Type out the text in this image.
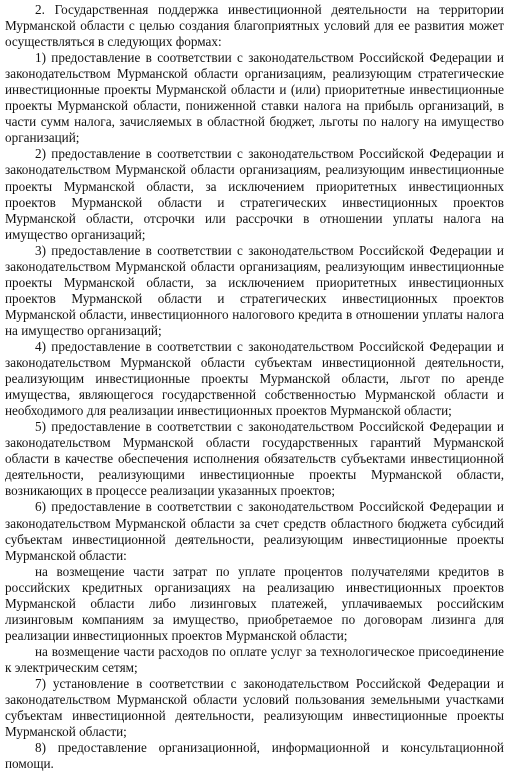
2. Государственная поддержка инвестиционной деятельности на территории Мурманской области с целью создания благоприятных условий для ее развития может осуществляться в следующих формах:

1) предоставление в соответствии с законодательством Российской Федерации и законодательством Мурманской области организациям, реализующим стратегические инвестиционные проекты Мурманской области и (или) приоритетные инвестиционные проекты Мурманской области, пониженной ставки налога на прибыль организаций, в части сумм налога, зачисляемых в областной бюджет, льготы по налогу на имущество организаций;

2) предоставление в соответствии с законодательством Российской Федерации и законодательством Мурманской области организациям, реализующим инвестиционные проекты Мурманской области, за исключением приоритетных инвестиционных проектов Мурманской области и стратегических инвестиционных проектов Мурманской области, отсрочки или рассрочки в отношении уплаты налога на имущество организаций;

3) предоставление в соответствии с законодательством Российской Федерации и законодательством Мурманской области организациям, реализующим инвестиционные проекты Мурманской области, за исключением приоритетных инвестиционных проектов Мурманской области и стратегических инвестиционных проектов Мурманской области, инвестиционного налогового кредита в отношении уплаты налога на имущество организаций;

4) предоставление в соответствии с законодательством Российской Федерации и законодательством Мурманской области субъектам инвестиционной деятельности, реализующим инвестиционные проекты Мурманской области, льгот по аренде имущества, являющегося государственной собственностью Мурманской области и необходимого для реализации инвестиционных проектов Мурманской области;

5) предоставление в соответствии с законодательством Российской Федерации и законодательством Мурманской области государственных гарантий Мурманской области в качестве обеспечения исполнения обязательств субъектами инвестиционной деятельности, реализующими инвестиционные проекты Мурманской области, возникающих в процессе реализации указанных проектов;

6) предоставление в соответствии с законодательством Российской Федерации и законодательством Мурманской области за счет средств областного бюджета субсидий субъектам инвестиционной деятельности, реализующим инвестиционные проекты Мурманской области:

на возмещение части затрат по уплате процентов получателями кредитов в российских кредитных организациях на реализацию инвестиционных проектов Мурманской области либо лизинговых платежей, уплачиваемых российским лизинговым компаниям за имущество, приобретаемое по договорам лизинга для реализации инвестиционных проектов Мурманской области;

на возмещение части расходов по оплате услуг за технологическое присоединение к электрическим сетям;

7) установление в соответствии с законодательством Российской Федерации и законодательством Мурманской области условий пользования земельными участками субъектам инвестиционной деятельности, реализующим инвестиционные проекты Мурманской области;

8) предоставление организационной, информационной и консультационной помощи.
